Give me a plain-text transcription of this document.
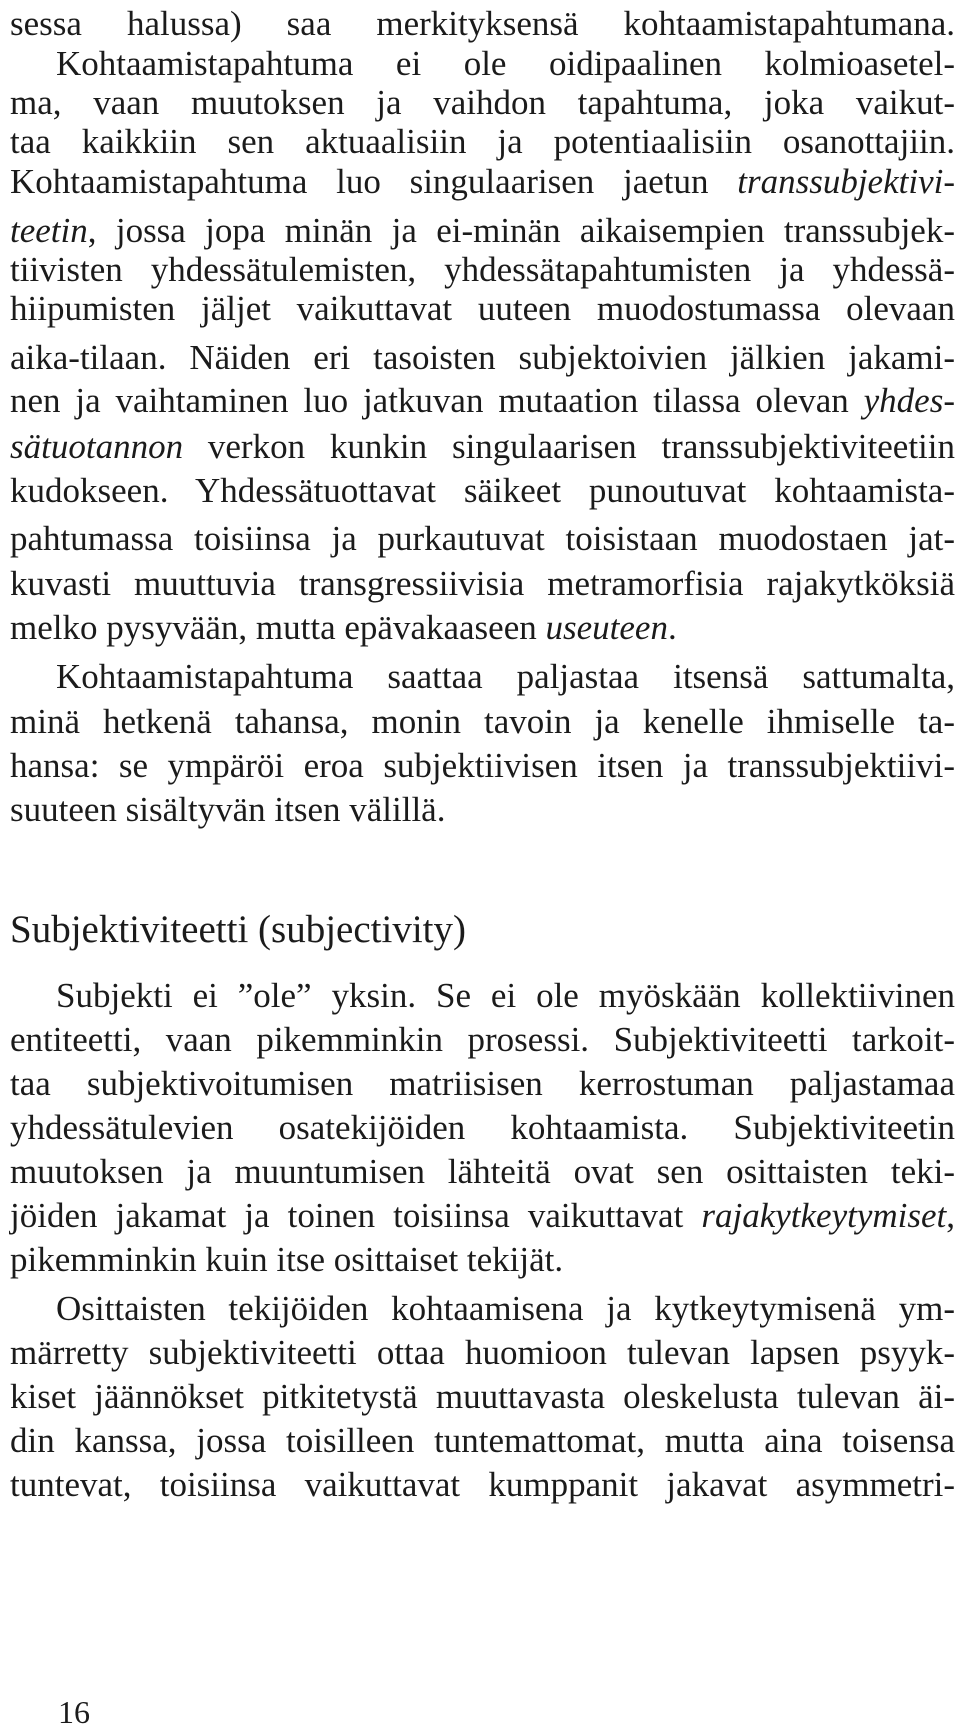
sessa halussa) saa merkityksensä kohtaamistapahtumana.
Kohtaamistapahtuma ei ole oidipaalinen kolmioasetel-
ma, vaan muutoksen ja vaihdon tapahtuma, joka vaikut-
taa kaikkiin sen aktuaalisiin ja potentiaalisiin osanottajiin.
Kohtaamistapahtuma luo singulaarisen jaetun transsubjektivi-
teetin, jossa jopa minän ja ei-minän aikaisempien transsubjek-
tiivisten yhdessätulemisten, yhdessätapahtumisten ja yhdessä-
hiipumisten jäljet vaikuttavat uuteen muodostumassa olevaan
aika-tilaan. Näiden eri tasoisten subjektoivien jälkien jakami-
nen ja vaihtaminen luo jatkuvan mutaation tilassa olevan yhdes-
sätuotannon verkon kunkin singulaarisen transsubjektiviteetiin
kudokseen. Yhdessätuottavat säikeet punoutuvat kohtaamista-
pahtumassa toisiinsa ja purkautuvat toisistaan muodostaen jat-
kuvasti muuttuvia transgressiivisia metramorfisia rajakytköksiä
melko pysyvään, mutta epävakaaseen useuteen.
Kohtaamistapahtuma saattaa paljastaa itsensä sattumalta,
minä hetkenä tahansa, monin tavoin ja kenelle ihmiselle ta-
hansa: se ympäröi eroa subjektiivisen itsen ja transsubjektiivi-
suuteen sisältyvän itsen välillä.
Subjektiviteetti (subjectivity)
Subjekti ei ”ole” yksin. Se ei ole myöskään kollektiivinen
entiteetti, vaan pikemminkin prosessi. Subjektiviteetti tarkoit-
taa subjektivoitumisen matriisisen kerrostuman paljastamaa
yhdessätulevien osatekijöiden kohtaamista. Subjektiviteetin
muutoksen ja muuntumisen lähteitä ovat sen osittaisten teki-
jöiden jakamat ja toinen toisiinsa vaikuttavat rajakytkeytymiset,
pikemminkin kuin itse osittaiset tekijät.
Osittaisten tekijöiden kohtaamisena ja kytkeytymisenä ym-
märretty subjektiviteetti ottaa huomioon tulevan lapsen psyyk-
kiset jäännökset pitkitetystä muuttavasta oleskelusta tulevan äi-
din kanssa, jossa toisilleen tuntemattomat, mutta aina toisensa
tuntevat, toisiinsa vaikuttavat kumppanit jakavat asymmetri-
16
